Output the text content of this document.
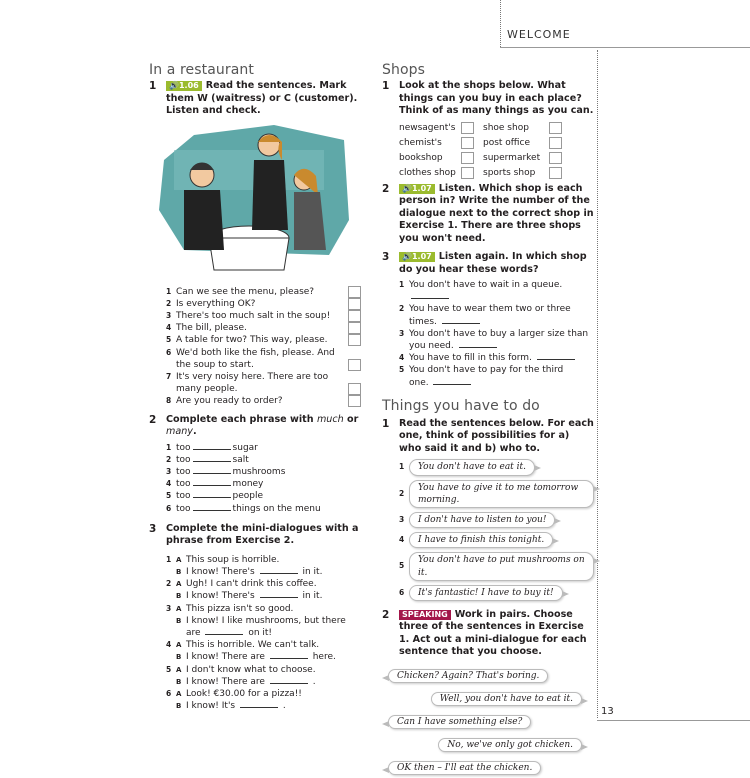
WELCOME
13
In a restaurant
1	🔊1.06 Read the sentences. Mark them W (waitress) or C (customer). Listen and check.
1 Can we see the menu, please?
2 Is everything OK?
3 There's too much salt in the soup!
4 The bill, please.
5 A table for two? This way, please.
6 We'd both like the fish, please. And the soup to start.
7 It's very noisy here. There are too many people.
8 Are you ready to order?
2	Complete each phrase with much or many.
1 too	sugar
2 too	salt
3 too	mushrooms
4 too	money
5 too	people
6 too	things on the menu
3	Complete the mini-dialogues with a phrase from Exercise 2.
1 A This soup is horrible.
B I know! There's	in it.
2 A Ugh! I can't drink this coffee.
B I know! There's	in it.
3 A This pizza isn't so good.
B I know! I like mushrooms, but there are	on it!
4 A This is horrible. We can't talk.
B I know! There are	here.
5 A I don't know what to choose.
B I know! There are	.
6 A Look! €30.00 for a pizza!!
B I know! It's	.
Shops
1	Look at the shops below. What things can you buy in each place? Think of as many things as you can.
newsagent's	shoe shop
chemist's	post office
bookshop	supermarket
clothes shop	sports shop
2	🔊1.07 Listen. Which shop is each person in? Write the number of the dialogue next to the correct shop in Exercise 1. There are three shops you won't need.
3	🔊1.07 Listen again. In which shop do you hear these words?
1 You don't have to wait in a queue.
2 You have to wear them two or three
times.
3 You don't have to buy a larger size than
you need.
4 You have to fill in this form.
5 You don't have to pay for the third
one.
Things you have to do
1	Read the sentences below. For each one, think of possibilities for a) who said it and b) who to.
1	You don't have to eat it.
2
You have to give it to me tomorrow morning.
3	I don't have to listen to you!
4	I have to finish this tonight.
5
You don't have to put mushrooms on it.
6	It's fantastic! I have to buy it!
2	SPEAKING Work in pairs. Choose three of the sentences in Exercise 1. Act out a mini-dialogue for each sentence that you choose.
Chicken? Again? That's boring.
Well, you don't have to eat it.
Can I have something else?
No, we've only got chicken.
OK then – I'll eat the chicken.
